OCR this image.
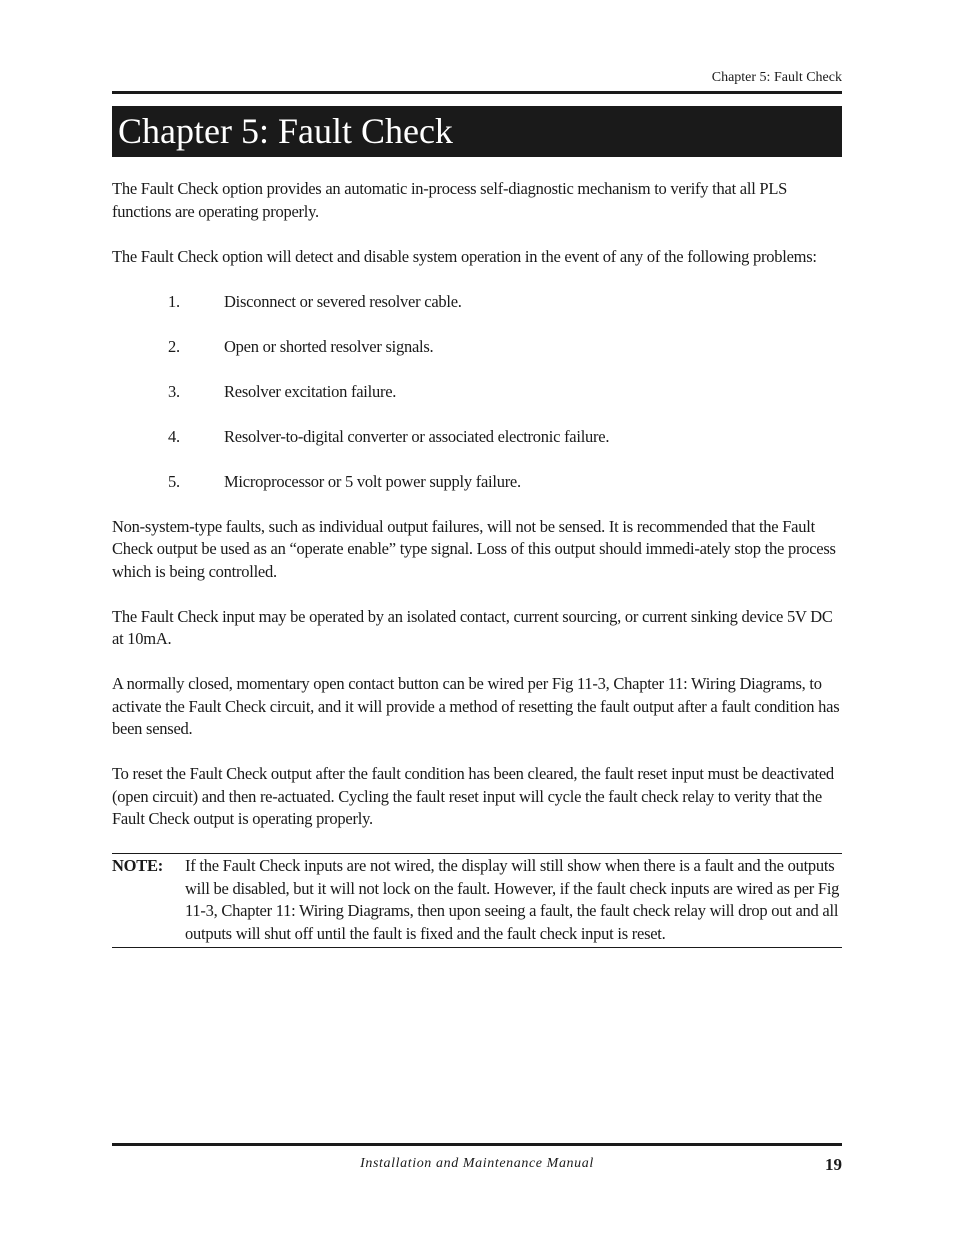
Chapter 5: Fault Check
Chapter 5: Fault Check

The Fault Check option provides an automatic in-process self-diagnostic mechanism to verify that all PLS functions are operating properly.

The Fault Check option will detect and disable system operation in the event of any of the following problems:

1.	Disconnect or severed resolver cable.
2.	Open or shorted resolver signals.
3.	Resolver excitation failure.
4.	Resolver-to-digital converter or associated electronic failure.
5.	Microprocessor or 5 volt power supply failure.

Non-system-type faults, such as individual output failures, will not be sensed. It is recommended that the Fault Check output be used as an “operate enable” type signal. Loss of this output should immedi-ately stop the process which is being controlled.

The Fault Check input may be operated by an isolated contact, current sourcing, or current sinking device 5V DC at 10mA.

A normally closed, momentary open contact button can be wired per Fig 11-3, Chapter 11: Wiring Diagrams, to activate the Fault Check circuit, and it will provide a method of resetting the fault output after a fault condition has been sensed.

To reset the Fault Check output after the fault condition has been cleared, the fault reset input must be deactivated (open circuit) and then re-actuated. Cycling the fault reset input will cycle the fault check relay to verity that the Fault Check output is operating properly.

NOTE:	If the Fault Check inputs are not wired, the display will still show when there is a fault and the outputs will be disabled, but it will not lock on the fault. However, if the fault check inputs are wired as per Fig 11-3, Chapter 11: Wiring Diagrams, then upon seeing a fault, the fault check relay will drop out and all outputs will shut off until the fault is fixed and the fault check input is reset.
Installation and Maintenance Manual	19
